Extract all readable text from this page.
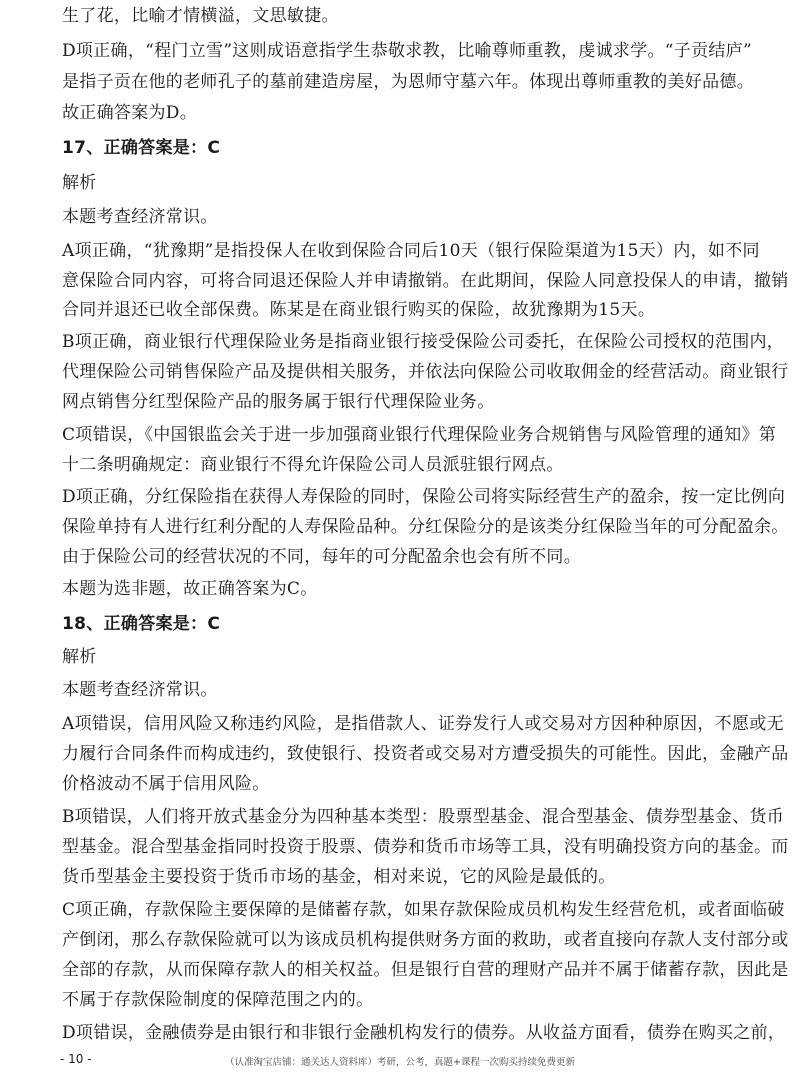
生了花，比喻才情横溢，文思敏捷。
D项正确，“程门立雪”这则成语意指学生恭敬求教，比喻尊师重教，虔诚求学。“子贡结庐”
是指子贡在他的老师孔子的墓前建造房屋，为恩师守墓六年。体现出尊师重教的美好品德。
故正确答案为D。
17、正确答案是：C
解析
本题考查经济常识。
A项正确，“犹豫期”是指投保人在收到保险合同后10天（银行保险渠道为15天）内，如不同
意保险合同内容，可将合同退还保险人并申请撤销。在此期间，保险人同意投保人的申请，撤销
合同并退还已收全部保费。陈某是在商业银行购买的保险，故犹豫期为15天。
B项正确，商业银行代理保险业务是指商业银行接受保险公司委托，在保险公司授权的范围内，
代理保险公司销售保险产品及提供相关服务，并依法向保险公司收取佣金的经营活动。商业银行
网点销售分红型保险产品的服务属于银行代理保险业务。
C项错误，《中国银监会关于进一步加强商业银行代理保险业务合规销售与风险管理的通知》第
十二条明确规定：商业银行不得允许保险公司人员派驻银行网点。
D项正确，分红保险指在获得人寿保险的同时，保险公司将实际经营生产的盈余，按一定比例向
保险单持有人进行红利分配的人寿保险品种。分红保险分的是该类分红保险当年的可分配盈余。
由于保险公司的经营状况的不同，每年的可分配盈余也会有所不同。
本题为选非题，故正确答案为C。
18、正确答案是：C
解析
本题考查经济常识。
A项错误，信用风险又称违约风险，是指借款人、证券发行人或交易对方因种种原因，不愿或无
力履行合同条件而构成违约，致使银行、投资者或交易对方遭受损失的可能性。因此，金融产品
价格波动不属于信用风险。
B项错误，人们将开放式基金分为四种基本类型：股票型基金、混合型基金、债券型基金、货币
型基金。混合型基金指同时投资于股票、债券和货币市场等工具，没有明确投资方向的基金。而
货币型基金主要投资于货币市场的基金，相对来说，它的风险是最低的。
C项正确，存款保险主要保障的是储蓄存款，如果存款保险成员机构发生经营危机，或者面临破
产倒闭，那么存款保险就可以为该成员机构提供财务方面的救助，或者直接向存款人支付部分或
全部的存款，从而保障存款人的相关权益。但是银行自营的理财产品并不属于储蓄存款，因此是
不属于存款保险制度的保障范围之内的。
D项错误，金融债券是由银行和非银行金融机构发行的债券。从收益方面看，债券在购买之前，
- 10 -	（认准淘宝店铺：通关达人资料库）考研，公考，真题+课程一次购买持续免费更新
